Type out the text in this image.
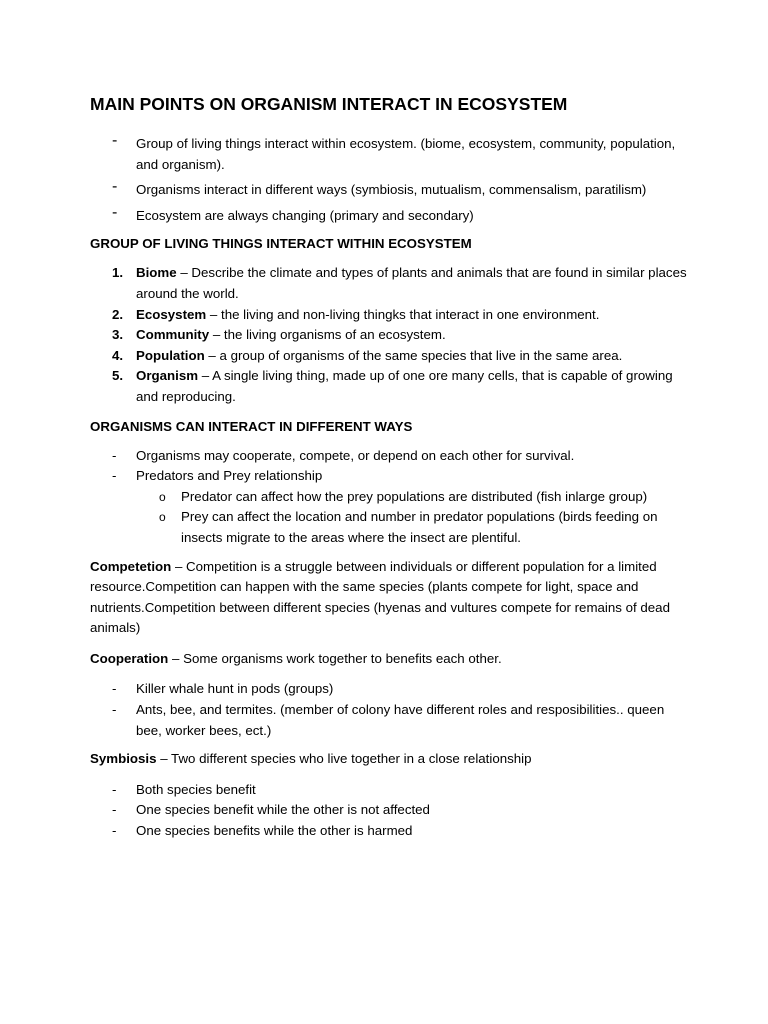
MAIN POINTS ON ORGANISM INTERACT IN ECOSYSTEM
- Group of living things interact within ecosystem. (biome, ecosystem, community, population, and organism).
- Organisms interact in different ways (symbiosis, mutualism, commensalism, paratilism)
- Ecosystem are always changing (primary and secondary)
GROUP OF LIVING THINGS INTERACT WITHIN ECOSYSTEM
1. Biome – Describe the climate and types of plants and animals that are found in similar places around the world.
2. Ecosystem – the living and non-living thingks that interact in one environment.
3. Community – the living organisms of an ecosystem.
4. Population – a group of organisms of the same species that live in the same area.
5. Organism – A single living thing, made up of one ore many cells, that is capable of growing and reproducing.
ORGANISMS CAN INTERACT IN DIFFERENT WAYS
- Organisms may cooperate, compete, or depend on each other for survival.
- Predators and Prey relationship
o Predator can affect how the prey populations are distributed (fish inlarge group)
o Prey can affect the location and number in predator populations (birds feeding on insects migrate to the areas where the insect are plentiful.

Competetion – Competition is a struggle between individuals or different population for a limited resource.Competition can happen with the same species (plants compete for light, space and nutrients.Competition between different species (hyenas and vultures compete for remains of dead animals)

Cooperation – Some organisms work together to benefits each other.

- Killer whale hunt in pods (groups)
- Ants, bee, and termites. (member of colony have different roles and resposibilities.. queen bee, worker bees, ect.)

Symbiosis – Two different species who live together in a close relationship

- Both species benefit
- One species benefit while the other is not affected
- One species benefits while the other is harmed
